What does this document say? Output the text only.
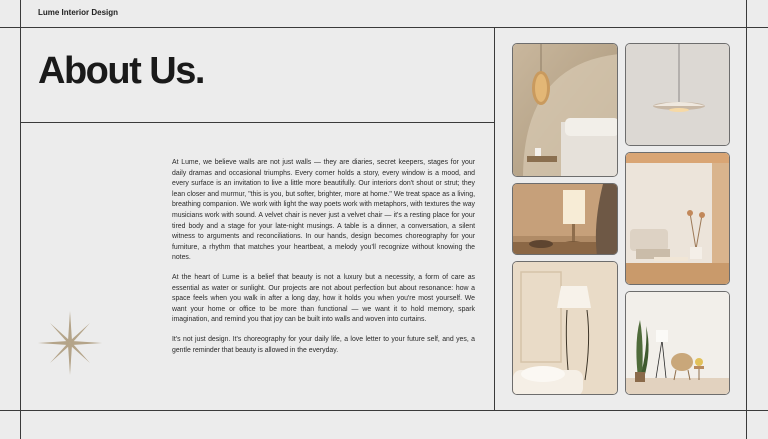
Lume Interior Design
About Us.

At Lume, we believe walls are not just walls — they are diaries, secret keepers, stages for your daily dramas and occasional triumphs. Every corner holds a story, every window is a mood, and every surface is an invitation to live a little more beautifully. Our interiors don't shout or strut; they lean closer and murmur, "this is you, but softer, brighter, more at home." We treat space as a living, breathing companion. We work with light the way poets work with metaphors, with textures the way musicians work with sound. A velvet chair is never just a velvet chair — it's a resting place for your tired body and a stage for your late-night musings. A table is a dinner, a conversation, a silent witness to arguments and reconciliations. In our hands, design becomes choreography for your furniture, a rhythm that matches your heartbeat, a melody you'll recognize without knowing the notes.

At the heart of Lume is a belief that beauty is not a luxury but a necessity, a form of care as essential as water or sunlight. Our projects are not about perfection but about resonance: how a space feels when you walk in after a long day, how it holds you when you're most yourself. We want your home or office to be more than functional — we want it to hold memory, spark imagination, and remind you that joy can be built into walls and woven into curtains.

It's not just design. It's choreography for your daily life, a love letter to your future self, and yes, a gentle reminder that beauty is allowed in the everyday.
